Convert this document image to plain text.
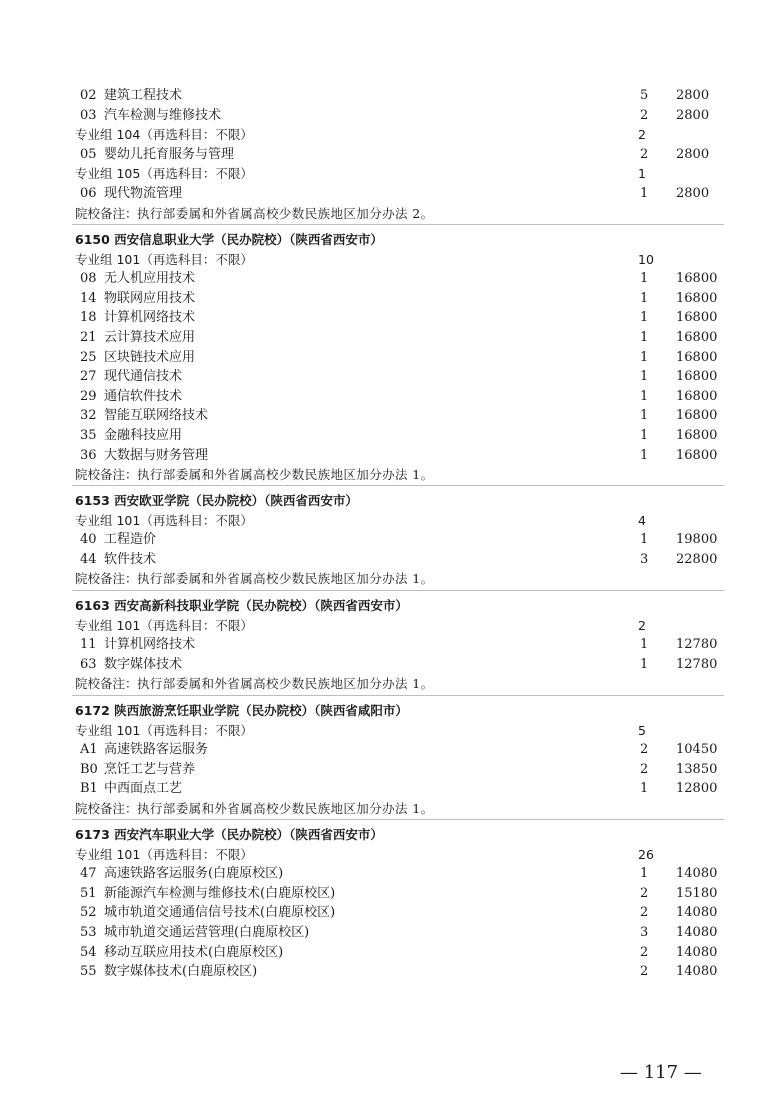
02 建筑工程技术	5 2800
03 汽车检测与维修技术	2 2800
专业组 104（再选科目：不限）	2
05 婴幼儿托育服务与管理	2 2800
专业组 105（再选科目：不限）	1
06 现代物流管理	1 2800
院校备注： 执行部委属和外省属高校少数民族地区加分办法 2。
6150 西安信息职业大学（民办院校）（陕西省西安市）
专业组 101（再选科目：不限）	10
08 无人机应用技术	1 16800
14 物联网应用技术	1 16800
18 计算机网络技术	1 16800
21 云计算技术应用	1 16800
25 区块链技术应用	1 16800
27 现代通信技术	1 16800
29 通信软件技术	1 16800
32 智能互联网络技术	1 16800
35 金融科技应用	1 16800
36 大数据与财务管理	1 16800
院校备注： 执行部委属和外省属高校少数民族地区加分办法 1。
6153 西安欧亚学院（民办院校）（陕西省西安市）
专业组 101（再选科目：不限）	4
40 工程造价	1 19800
44 软件技术	3 22800
院校备注： 执行部委属和外省属高校少数民族地区加分办法 1。
6163 西安高新科技职业学院（民办院校）（陕西省西安市）
专业组 101（再选科目：不限）	2
11 计算机网络技术	1 12780
63 数字媒体技术	1 12780
院校备注： 执行部委属和外省属高校少数民族地区加分办法 1。
6172 陕西旅游烹饪职业学院（民办院校）（陕西省咸阳市）
专业组 101（再选科目：不限）	5
A1 高速铁路客运服务	2 10450
B0 烹饪工艺与营养	2 13850
B1 中西面点工艺	1 12800
院校备注： 执行部委属和外省属高校少数民族地区加分办法 1。
6173 西安汽车职业大学（民办院校）（陕西省西安市）
专业组 101（再选科目：不限）	26
47 高速铁路客运服务(白鹿原校区)	1 14080
51 新能源汽车检测与维修技术(白鹿原校区)	2 15180
52 城市轨道交通通信信号技术(白鹿原校区)	2 14080
53 城市轨道交通运营管理(白鹿原校区)	3 14080
54 移动互联应用技术(白鹿原校区)	2 14080
55 数字媒体技术(白鹿原校区)	2 14080
— 117 —
